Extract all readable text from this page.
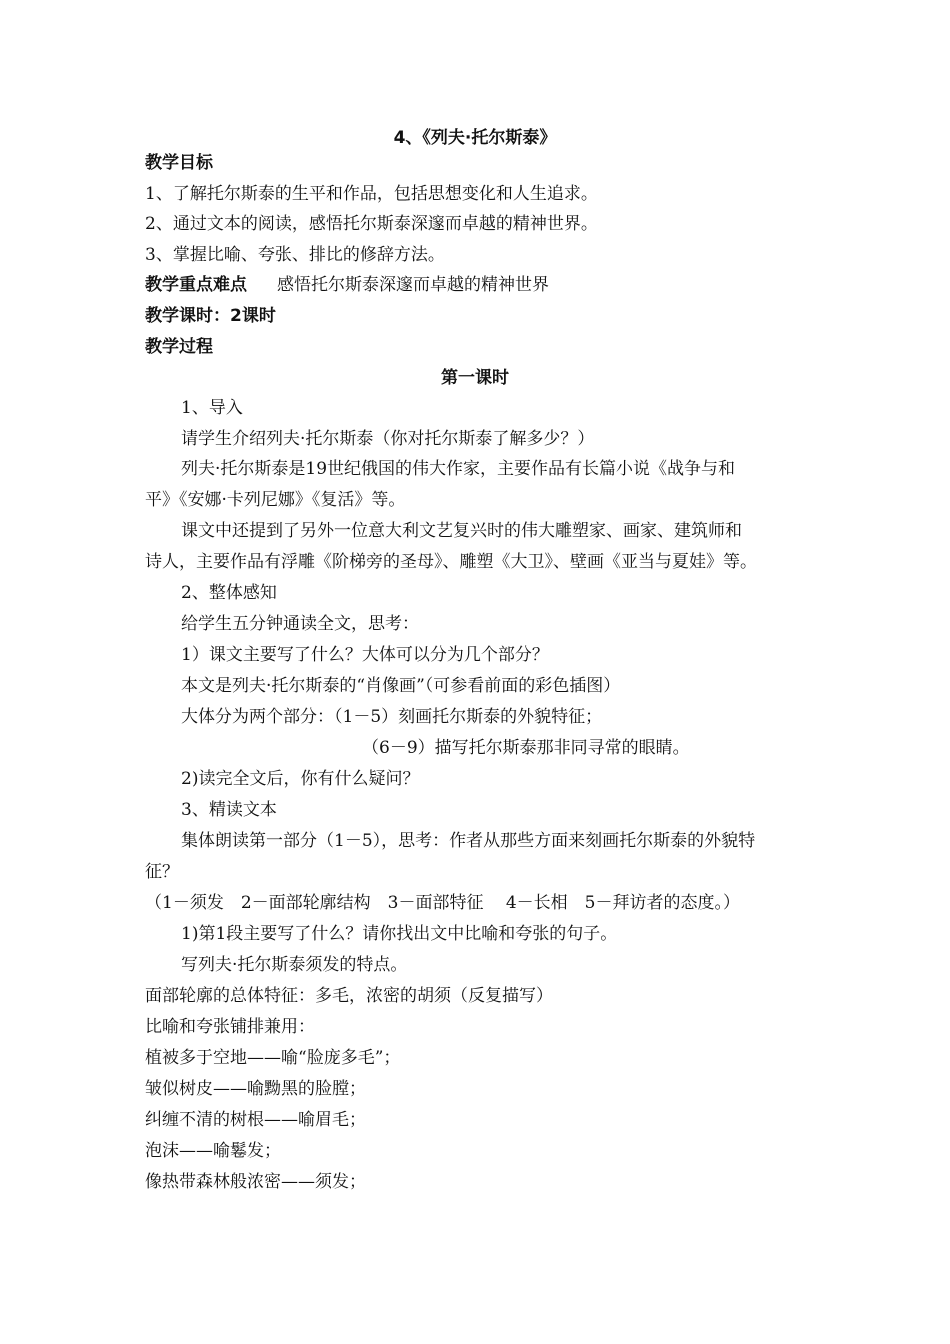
4、《列夫·托尔斯泰》
教学目标
1、了解托尔斯泰的生平和作品，包括思想变化和人生追求。
2、通过文本的阅读，感悟托尔斯泰深邃而卓越的精神世界。
3、掌握比喻、夸张、排比的修辞方法。
教学重点难点 感悟托尔斯泰深邃而卓越的精神世界
教学课时：2课时
教学过程
第一课时
1、导入
请学生介绍列夫·托尔斯泰（你对托尔斯泰了解多少？）
列夫·托尔斯泰是19世纪俄国的伟大作家，主要作品有长篇小说《战争与和
平》《安娜·卡列尼娜》《复活》等。
课文中还提到了另外一位意大利文艺复兴时的伟大雕塑家、画家、建筑师和
诗人，主要作品有浮雕《阶梯旁的圣母》、雕塑《大卫》、壁画《亚当与夏娃》等。
2、整体感知
给学生五分钟通读全文，思考：
1）课文主要写了什么？大体可以分为几个部分？
本文是列夫·托尔斯泰的“肖像画”（可参看前面的彩色插图）
大体分为两个部分：（1－5）刻画托尔斯泰的外貌特征；
（6－9）描写托尔斯泰那非同寻常的眼睛。
2)读完全文后，你有什么疑问？
3、精读文本
集体朗读第一部分（1－5），思考：作者从那些方面来刻画托尔斯泰的外貌特
征？
（1－须发　2－面部轮廓结构　3－面部特征　 4－长相　5－拜访者的态度。）
1)第1段主要写了什么？请你找出文中比喻和夸张的句子。
写列夫·托尔斯泰须发的特点。
面部轮廓的总体特征：多毛，浓密的胡须（反复描写）
比喻和夸张铺排兼用：
植被多于空地——喻“脸庞多毛”；
皱似树皮——喻黝黑的脸膛；
纠缠不清的树根——喻眉毛；
泡沫——喻鬈发；
像热带森林般浓密——须发；
